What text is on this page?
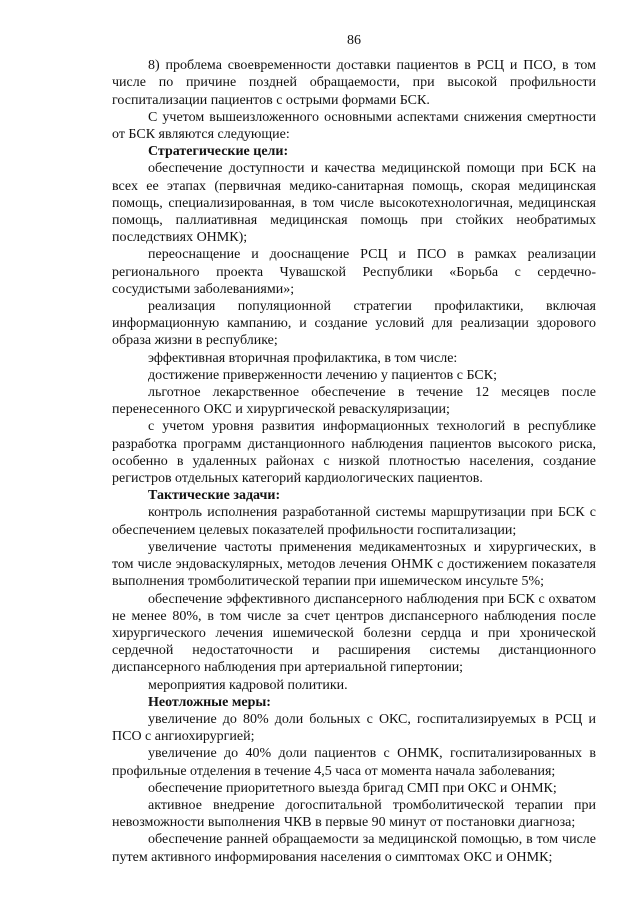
86

8) проблема своевременности доставки пациентов в РСЦ и ПСО, в том числе по причине поздней обращаемости, при высокой профильности госпитализации пациентов с острыми формами БСК.

С учетом вышеизложенного основными аспектами снижения смертности от БСК являются следующие:

Стратегические цели:

обеспечение доступности и качества медицинской помощи при БСК на всех ее этапах (первичная медико-санитарная помощь, скорая медицинская помощь, специализированная, в том числе высокотехнологичная, медицинская помощь, паллиативная медицинская помощь при стойких необратимых последствиях ОНМК);

переоснащение и дооснащение РСЦ и ПСО в рамках реализации регионального проекта Чувашской Республики «Борьба с сердечно-сосудистыми заболеваниями»;

реализация популяционной стратегии профилактики, включая информационную кампанию, и создание условий для реализации здорового образа жизни в республике;

эффективная вторичная профилактика, в том числе:

достижение приверженности лечению у пациентов с БСК;

льготное лекарственное обеспечение в течение 12 месяцев после перенесенного ОКС и хирургической реваскуляризации;

с учетом уровня развития информационных технологий в республике разработка программ дистанционного наблюдения пациентов высокого риска, особенно в удаленных районах с низкой плотностью населения, создание регистров отдельных категорий кардиологических пациентов.

Тактические задачи:

контроль исполнения разработанной системы маршрутизации при БСК с обеспечением целевых показателей профильности госпитализации;

увеличение частоты применения медикаментозных и хирургических, в том числе эндоваскулярных, методов лечения ОНМК с достижением показателя выполнения тромболитической терапии при ишемическом инсульте 5%;

обеспечение эффективного диспансерного наблюдения при БСК с охватом не менее 80%, в том числе за счет центров диспансерного наблюдения после хирургического лечения ишемической болезни сердца и при хронической сердечной недостаточности и расширения системы дистанционного диспансерного наблюдения при артериальной гипертонии;

мероприятия кадровой политики.

Неотложные меры:

увеличение до 80% доли больных с ОКС, госпитализируемых в РСЦ и ПСО с ангиохирургией;

увеличение до 40% доли пациентов с ОНМК, госпитализированных в профильные отделения в течение 4,5 часа от момента начала заболевания;

обеспечение приоритетного выезда бригад СМП при ОКС и ОНМК;

активное внедрение догоспитальной тромболитической терапии при невозможности выполнения ЧКВ в первые 90 минут от постановки диагноза;

обеспечение ранней обращаемости за медицинской помощью, в том числе путем активного информирования населения о симптомах ОКС и ОНМК;
